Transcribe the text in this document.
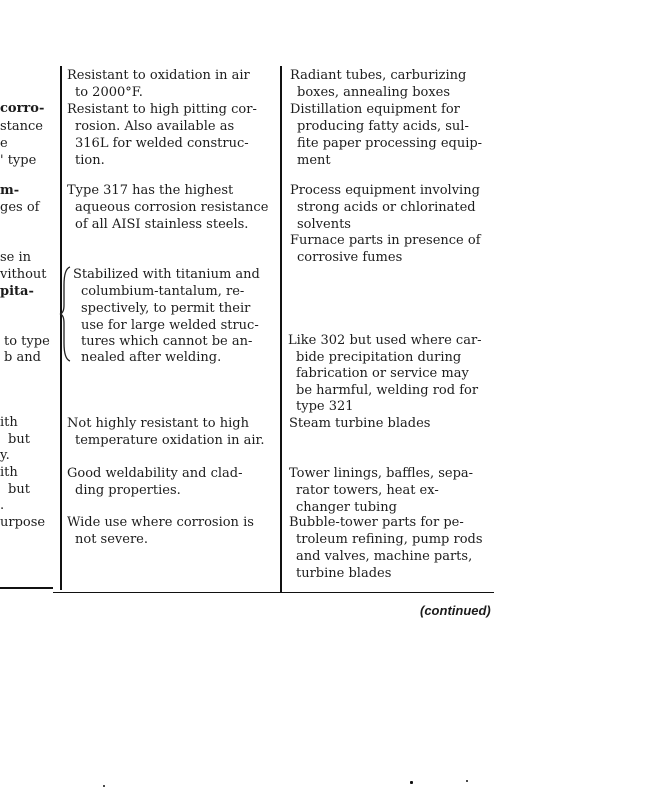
corro-
stance
e
' type
m-
ges of
se in
vithout
pita-
to type
b and
ith
but
y.
ith
but
.
urpose
Resistant to oxidation in air
to 2000°F.
Resistant to high pitting cor-
rosion. Also available as
316L for welded construc-
tion.
Type 317 has the highest
aqueous corrosion resistance
of all AISI stainless steels.
Stabilized with titanium and
columbium-tantalum, re-
spectively, to permit their
use for large welded struc-
tures which cannot be an-
nealed after welding.
Not highly resistant to high
temperature oxidation in air.
Good weldability and clad-
ding properties.
Wide use where corrosion is
not severe.
Radiant tubes, carburizing
boxes, annealing boxes
Distillation equipment for
producing fatty acids, sul-
fite paper processing equip-
ment
Process equipment involving
strong acids or chlorinated
solvents
Furnace parts in presence of
corrosive fumes
Like 302 but used where car-
bide precipitation during
fabrication or service may
be harmful, welding rod for
type 321
Steam turbine blades
Tower linings, baffles, sepa-
rator towers, heat ex-
changer tubing
Bubble-tower parts for pe-
troleum refining, pump rods
and valves, machine parts,
turbine blades
(continued)
